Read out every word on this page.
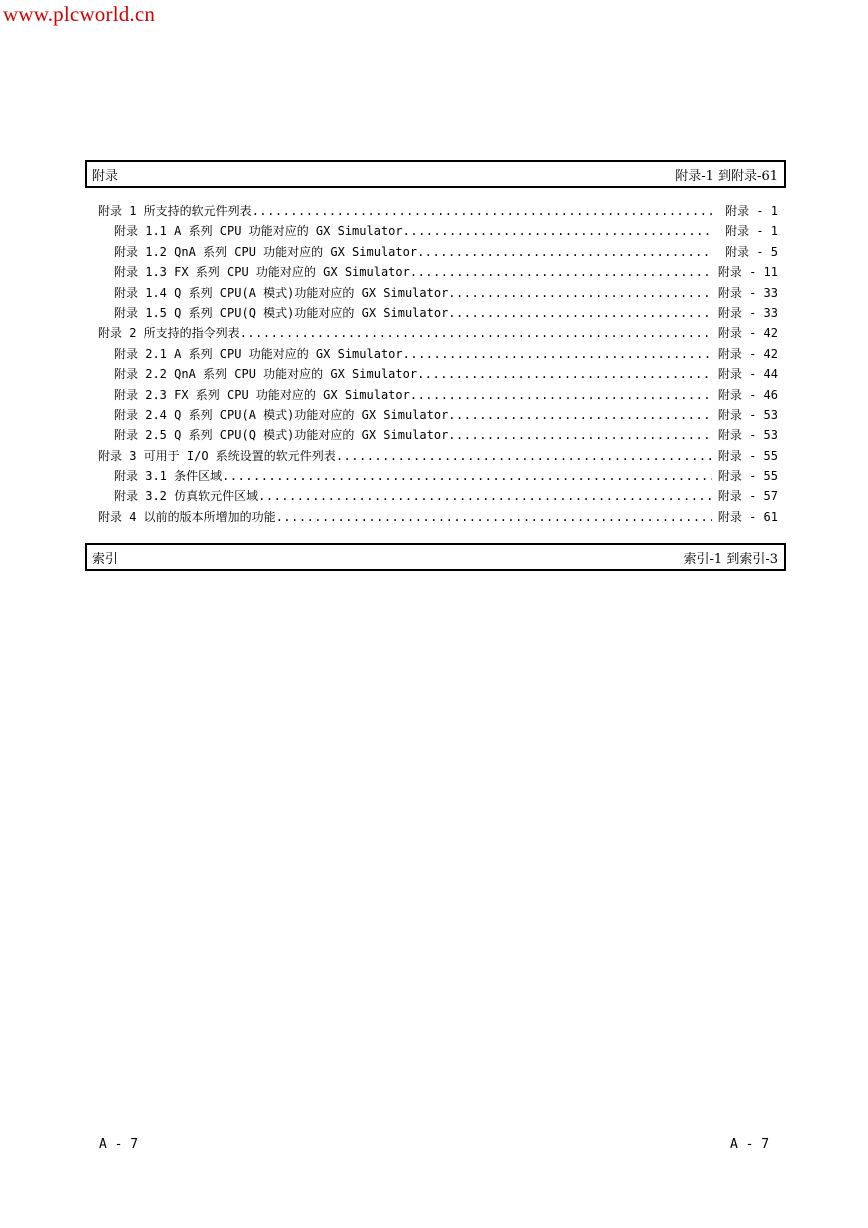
www.plcworld.cn
附录	附录-1 到附录-61
附录 1 所支持的软元件列表 .....	附录 - 1
附录 1.1 A 系列 CPU 功能对应的 GX Simulator .....	附录 - 1
附录 1.2 QnA 系列 CPU 功能对应的 GX Simulator .....	附录 - 5
附录 1.3 FX 系列 CPU 功能对应的 GX Simulator .....	附录 - 11
附录 1.4 Q 系列 CPU(A 模式)功能对应的 GX Simulator .....	附录 - 33
附录 1.5 Q 系列 CPU(Q 模式)功能对应的 GX Simulator .....	附录 - 33
附录 2 所支持的指令列表 .....	附录 - 42
附录 2.1 A 系列 CPU 功能对应的 GX Simulator .....	附录 - 42
附录 2.2 QnA 系列 CPU 功能对应的 GX Simulator .....	附录 - 44
附录 2.3 FX 系列 CPU 功能对应的 GX Simulator .....	附录 - 46
附录 2.4 Q 系列 CPU(A 模式)功能对应的 GX Simulator .....	附录 - 53
附录 2.5 Q 系列 CPU(Q 模式)功能对应的 GX Simulator .....	附录 - 53
附录 3 可用于 I/O 系统设置的软元件列表 .....	附录 - 55
附录 3.1 条件区域 .....	附录 - 55
附录 3.2 仿真软元件区域 .....	附录 - 57
附录 4 以前的版本所增加的功能 .....	附录 - 61
索引	索引-1 到索引-3
A - 7	A - 7
